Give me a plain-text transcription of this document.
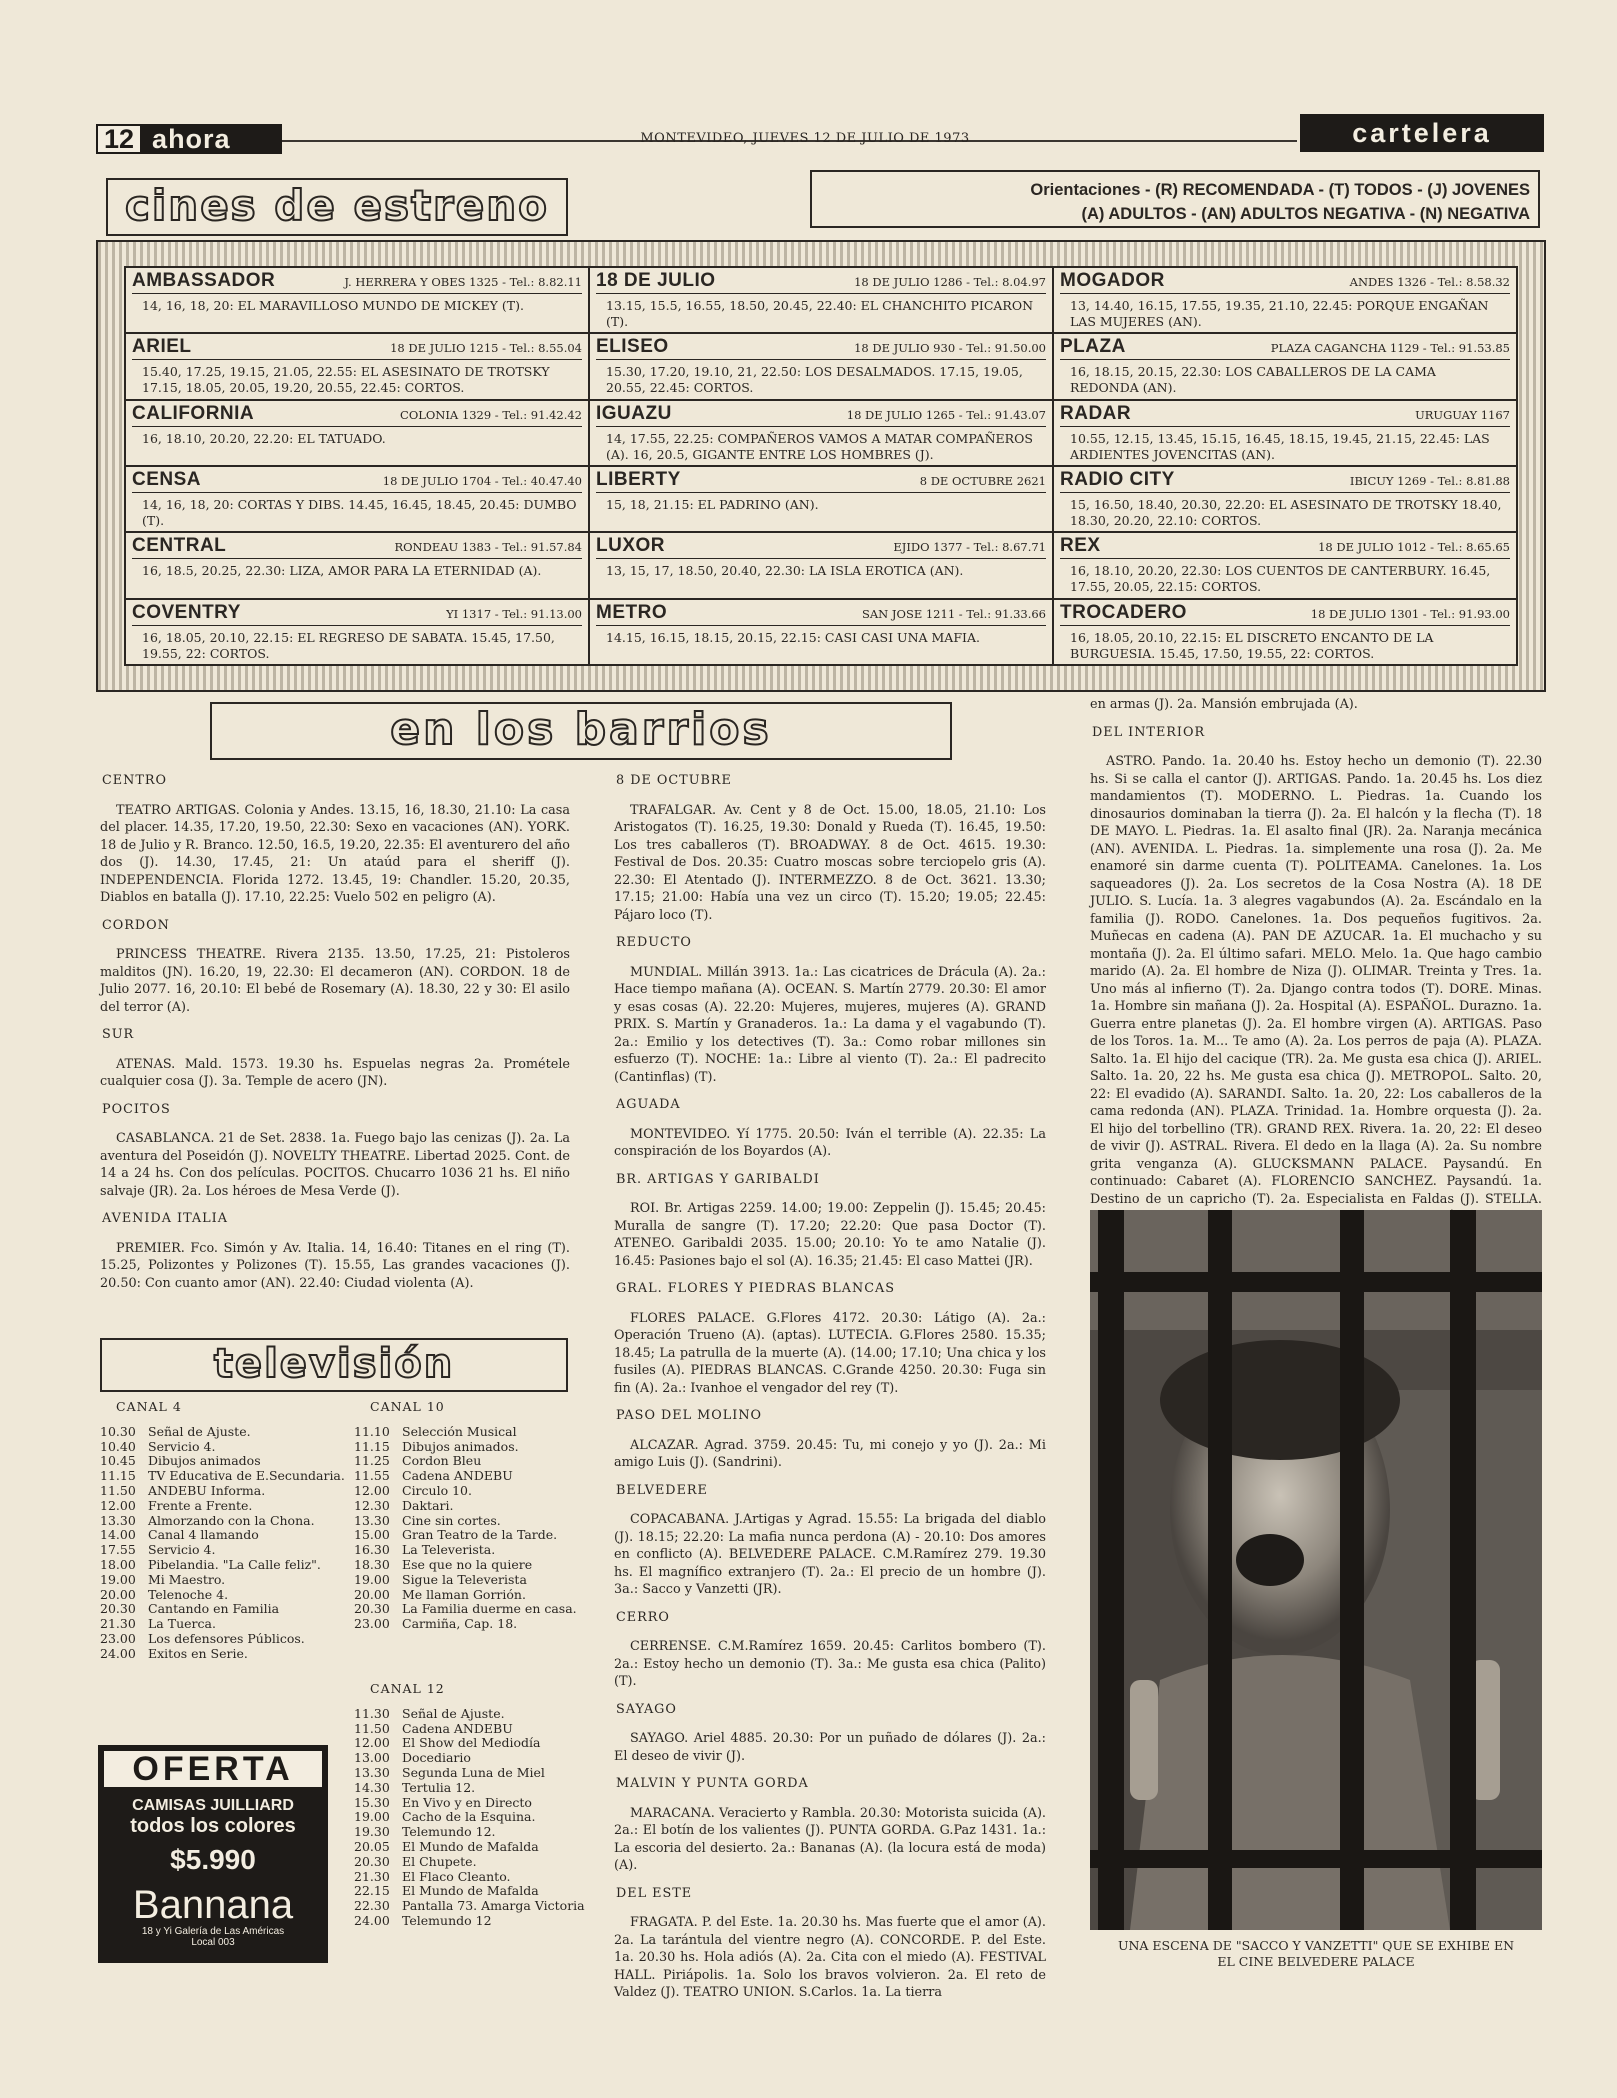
12 ahora	MONTEVIDEO, JUEVES 12 DE JULIO DE 1973	cartelera
cines de estreno	Orientaciones - (R) RECOMENDADA - (T) TODOS - (J) JOVENES
(A) ADULTOS - (AN) ADULTOS NEGATIVA - (N) NEGATIVA
AMBASSADOR	J. HERRERA Y OBES 1325 - Tel.: 8.82.11
14, 16, 18, 20: EL MARAVILLOSO MUNDO DE MICKEY (T).
18 DE JULIO	18 DE JULIO 1286 - Tel.: 8.04.97
13.15, 15.5, 16.55, 18.50, 20.45, 22.40: EL CHANCHITO PICARON (T).
MOGADOR	ANDES 1326 - Tel.: 8.58.32
13, 14.40, 16.15, 17.55, 19.35, 21.10, 22.45: PORQUE ENGAÑAN LAS MUJERES (AN).
ARIEL	18 DE JULIO 1215 - Tel.: 8.55.04
15.40, 17.25, 19.15, 21.05, 22.55: EL ASESINATO DE TROTSKY 17.15, 18.05, 20.05, 19.20, 20.55, 22.45: CORTOS.
ELISEO	18 DE JULIO 930 - Tel.: 91.50.00
15.30, 17.20, 19.10, 21, 22.50: LOS DESALMADOS. 17.15, 19.05, 20.55, 22.45: CORTOS.
PLAZA	PLAZA CAGANCHA 1129 - Tel.: 91.53.85
16, 18.15, 20.15, 22.30: LOS CABALLEROS DE LA CAMA REDONDA (AN).
CALIFORNIA	COLONIA 1329 - Tel.: 91.42.42
16, 18.10, 20.20, 22.20: EL TATUADO.
IGUAZU	18 DE JULIO 1265 - Tel.: 91.43.07
14, 17.55, 22.25: COMPAÑEROS VAMOS A MATAR COMPAÑEROS (A). 16, 20.5, GIGANTE ENTRE LOS HOMBRES (J).
RADAR	URUGUAY 1167
10.55, 12.15, 13.45, 15.15, 16.45, 18.15, 19.45, 21.15, 22.45: LAS ARDIENTES JOVENCITAS (AN).
CENSA	18 DE JULIO 1704 - Tel.: 40.47.40
14, 16, 18, 20: CORTAS Y DIBS. 14.45, 16.45, 18.45, 20.45: DUMBO (T).
LIBERTY	8 DE OCTUBRE 2621
15, 18, 21.15: EL PADRINO (AN).
RADIO CITY	IBICUY 1269 - Tel.: 8.81.88
15, 16.50, 18.40, 20.30, 22.20: EL ASESINATO DE TROTSKY 18.40, 18.30, 20.20, 22.10: CORTOS.
CENTRAL	RONDEAU 1383 - Tel.: 91.57.84
16, 18.5, 20.25, 22.30: LIZA, AMOR PARA LA ETERNIDAD (A).
LUXOR	EJIDO 1377 - Tel.: 8.67.71
13, 15, 17, 18.50, 20.40, 22.30: LA ISLA EROTICA (AN).
REX	18 DE JULIO 1012 - Tel.: 8.65.65
16, 18.10, 20.20, 22.30: LOS CUENTOS DE CANTERBURY. 16.45, 17.55, 20.05, 22.15: CORTOS.
COVENTRY	YI 1317 - Tel.: 91.13.00
16, 18.05, 20.10, 22.15: EL REGRESO DE SABATA. 15.45, 17.50, 19.55, 22: CORTOS.
METRO	SAN JOSE 1211 - Tel.: 91.33.66
14.15, 16.15, 18.15, 20.15, 22.15: CASI CASI UNA MAFIA.
TROCADERO	18 DE JULIO 1301 - Tel.: 91.93.00
16, 18.05, 20.10, 22.15: EL DISCRETO ENCANTO DE LA BURGUESIA. 15.45, 17.50, 19.55, 22: CORTOS.
en los barrios
CENTRO

TEATRO ARTIGAS. Colonia y Andes. 13.15, 16, 18.30, 21.10: La casa del placer. 14.35, 17.20, 19.50, 22.30: Sexo en vacaciones (AN). YORK. 18 de Julio y R. Branco. 12.50, 16.5, 19.20, 22.35: El aventurero del año dos (J). 14.30, 17.45, 21: Un ataúd para el sheriff (J). INDEPENDENCIA. Florida 1272. 13.45, 19: Chandler. 15.20, 20.35, Diablos en batalla (J). 17.10, 22.25: Vuelo 502 en peligro (A).

CORDON

PRINCESS THEATRE. Rivera 2135. 13.50, 17.25, 21: Pistoleros malditos (JN). 16.20, 19, 22.30: El decameron (AN). CORDON. 18 de Julio 2077. 16, 20.10: El bebé de Rosemary (A). 18.30, 22 y 30: El asilo del terror (A).

SUR

ATENAS. Mald. 1573. 19.30 hs. Espuelas negras 2a. Prométele cualquier cosa (J). 3a. Temple de acero (JN).

POCITOS

CASABLANCA. 21 de Set. 2838. 1a. Fuego bajo las cenizas (J). 2a. La aventura del Poseidón (J). NOVELTY THEATRE. Libertad 2025. Cont. de 14 a 24 hs. Con dos películas. POCITOS. Chucarro 1036 21 hs. El niño salvaje (JR). 2a. Los héroes de Mesa Verde (J).

AVENIDA ITALIA

PREMIER. Fco. Simón y Av. Italia. 14, 16.40: Titanes en el ring (T). 15.25, Polizontes y Polizones (T). 15.55, Las grandes vacaciones (J). 20.50: Con cuanto amor (AN). 22.40: Ciudad violenta (A).

8 DE OCTUBRE

TRAFALGAR. Av. Cent y 8 de Oct. 15.00, 18.05, 21.10: Los Aristogatos (T). 16.25, 19.30: Donald y Rueda (T). 16.45, 19.50: Los tres caballeros (T). BROADWAY. 8 de Oct. 4615. 19.30: Festival de Dos. 20.35: Cuatro moscas sobre terciopelo gris (A). 22.30: El Atentado (J). INTERMEZZO. 8 de Oct. 3621. 13.30; 17.15; 21.00: Había una vez un circo (T). 15.20; 19.05; 22.45: Pájaro loco (T).

REDUCTO

MUNDIAL. Millán 3913. 1a.: Las cicatrices de Drácula (A). 2a.: Hace tiempo mañana (A). OCEAN. S. Martín 2779. 20.30: El amor y esas cosas (A). 22.20: Mujeres, mujeres, mujeres (A). GRAND PRIX. S. Martín y Granaderos. 1a.: La dama y el vagabundo (T). 2a.: Emilio y los detectives (T). 3a.: Como robar millones sin esfuerzo (T). NOCHE: 1a.: Libre al viento (T). 2a.: El padrecito (Cantinflas) (T).

AGUADA

MONTEVIDEO. Yí 1775. 20.50: Iván el terrible (A). 22.35: La conspiración de los Boyardos (A).

BR. ARTIGAS Y GARIBALDI

ROI. Br. Artigas 2259. 14.00; 19.00: Zeppelin (J). 15.45; 20.45: Muralla de sangre (T). 17.20; 22.20: Que pasa Doctor (T). ATENEO. Garibaldi 2035. 15.00; 20.10: Yo te amo Natalie (J). 16.45: Pasiones bajo el sol (A). 16.35; 21.45: El caso Mattei (JR).

GRAL. FLORES Y PIEDRAS BLANCAS

FLORES PALACE. G.Flores 4172. 20.30: Látigo (A). 2a.: Operación Trueno (A). (aptas). LUTECIA. G.Flores 2580. 15.35; 18.45; La patrulla de la muerte (A). (14.00; 17.10; Una chica y los fusiles (A). PIEDRAS BLANCAS. C.Grande 4250. 20.30: Fuga sin fin (A). 2a.: Ivanhoe el vengador del rey (T).

PASO DEL MOLINO

ALCAZAR. Agrad. 3759. 20.45: Tu, mi conejo y yo (J). 2a.: Mi amigo Luis (J). (Sandrini).

BELVEDERE

COPACABANA. J.Artigas y Agrad. 15.55: La brigada del diablo (J). 18.15; 22.20: La mafia nunca perdona (A) - 20.10: Dos amores en conflicto (A). BELVEDERE PALACE. C.M.Ramírez 279. 19.30 hs. El magnífico extranjero (T). 2a.: El precio de un hombre (J). 3a.: Sacco y Vanzetti (JR).

CERRO

CERRENSE. C.M.Ramírez 1659. 20.45: Carlitos bombero (T). 2a.: Estoy hecho un demonio (T). 3a.: Me gusta esa chica (Palito) (T).

SAYAGO

SAYAGO. Ariel 4885. 20.30: Por un puñado de dólares (J). 2a.: El deseo de vivir (J).

MALVIN Y PUNTA GORDA

MARACANA. Veracierto y Rambla. 20.30: Motorista suicida (A). 2a.: El botín de los valientes (J). PUNTA GORDA. G.Paz 1431. 1a.: La escoria del desierto. 2a.: Bananas (A). (la locura está de moda) (A).

DEL ESTE

FRAGATA. P. del Este. 1a. 20.30 hs. Mas fuerte que el amor (A). 2a. La tarántula del vientre negro (A). CONCORDE. P. del Este. 1a. 20.30 hs. Hola adiós (A). 2a. Cita con el miedo (A). FESTIVAL HALL. Piriápolis. 1a. Solo los bravos volvieron. 2a. El reto de Valdez (J). TEATRO UNION. S.Carlos. 1a. La tierra

en armas (J). 2a. Mansión embrujada (A).

DEL INTERIOR

ASTRO. Pando. 1a. 20.40 hs. Estoy hecho un demonio (T). 22.30 hs. Si se calla el cantor (J). ARTIGAS. Pando. 1a. 20.45 hs. Los diez mandamientos (T). MODERNO. L. Piedras. 1a. Cuando los dinosaurios dominaban la tierra (J). 2a. El halcón y la flecha (T). 18 DE MAYO. L. Piedras. 1a. El asalto final (JR). 2a. Naranja mecánica (AN). AVENIDA. L. Piedras. 1a. simplemente una rosa (J). 2a. Me enamoré sin darme cuenta (T). POLITEAMA. Canelones. 1a. Los saqueadores (J). 2a. Los secretos de la Cosa Nostra (A). 18 DE JULIO. S. Lucía. 1a. 3 alegres vagabundos (A). 2a. Escándalo en la familia (J). RODO. Canelones. 1a. Dos pequeños fugitivos. 2a. Muñecas en cadena (A). PAN DE AZUCAR. 1a. El muchacho y su montaña (J). 2a. El último safari. MELO. Melo. 1a. Que hago cambio marido (A). 2a. El hombre de Niza (J). OLIMAR. Treinta y Tres. 1a. Uno más al infierno (T). 2a. Django contra todos (T). DORE. Minas. 1a. Hombre sin mañana (J). 2a. Hospital (A). ESPAÑOL. Durazno. 1a. Guerra entre planetas (J). 2a. El hombre virgen (A). ARTIGAS. Paso de los Toros. 1a. M... Te amo (A). 2a. Los perros de paja (A). PLAZA. Salto. 1a. El hijo del cacique (TR). 2a. Me gusta esa chica (J). ARIEL. Salto. 1a. 20, 22 hs. Me gusta esa chica (J). METROPOL. Salto. 20, 22: El evadido (A). SARANDI. Salto. 1a. 20, 22: Los caballeros de la cama redonda (AN). PLAZA. Trinidad. 1a. Hombre orquesta (J). 2a. El hijo del torbellino (TR). GRAND REX. Rivera. 1a. 20, 22: El deseo de vivir (J). ASTRAL. Rivera. El dedo en la llaga (A). 2a. Su nombre grita venganza (A). GLUCKSMANN PALACE. Paysandú. En continuado: Cabaret (A). FLORENCIO SANCHEZ. Paysandú. 1a. Destino de un capricho (T). 2a. Especialista en Faldas (J). STELLA.

televisión
CANAL 4
10.30 Señal de Ajuste.
10.40 Servicio 4.
10.45 Dibujos animados
11.15 TV Educativa de E.Secundaria.
11.50 ANDEBU Informa.
12.00 Frente a Frente.
13.30 Almorzando con la Chona.
14.00 Canal 4 llamando
17.55 Servicio 4.
18.00 Pibelandia. "La Calle feliz".
19.00 Mi Maestro.
20.00 Telenoche 4.
20.30 Cantando en Familia
21.30 La Tuerca.
23.00 Los defensores Públicos.
24.00 Exitos en Serie.
CANAL 10
11.10 Selección Musical
11.15 Dibujos animados.
11.25 Cordon Bleu
11.55 Cadena ANDEBU
12.00 Circulo 10.
12.30 Daktari.
13.30 Cine sin cortes.
15.00 Gran Teatro de la Tarde.
16.30 La Televerista.
18.30 Ese que no la quiere
19.00 Sigue la Televerista
20.00 Me llaman Gorrión.
20.30 La Familia duerme en casa.
23.00 Carmiña, Cap. 18.
CANAL 12
11.30 Señal de Ajuste.
11.50 Cadena ANDEBU
12.00 El Show del Mediodía
13.00 Docediario
13.30 Segunda Luna de Miel
14.30 Tertulia 12.
15.30 En Vivo y en Directo
19.00 Cacho de la Esquina.
19.30 Telemundo 12.
20.05 El Mundo de Mafalda
20.30 El Chupete.
21.30 El Flaco Cleanto.
22.15 El Mundo de Mafalda
22.30 Pantalla 73. Amarga Victoria
24.00 Telemundo 12
OFERTA
CAMISAS JUILLIARD
todos los colores
$5.990
Bannana
18 y Yi Galería de Las Américas
Local 003	UNA ESCENA DE "SACCO Y VANZETTI" QUE SE EXHIBE EN
EL CINE BELVEDERE PALACE
